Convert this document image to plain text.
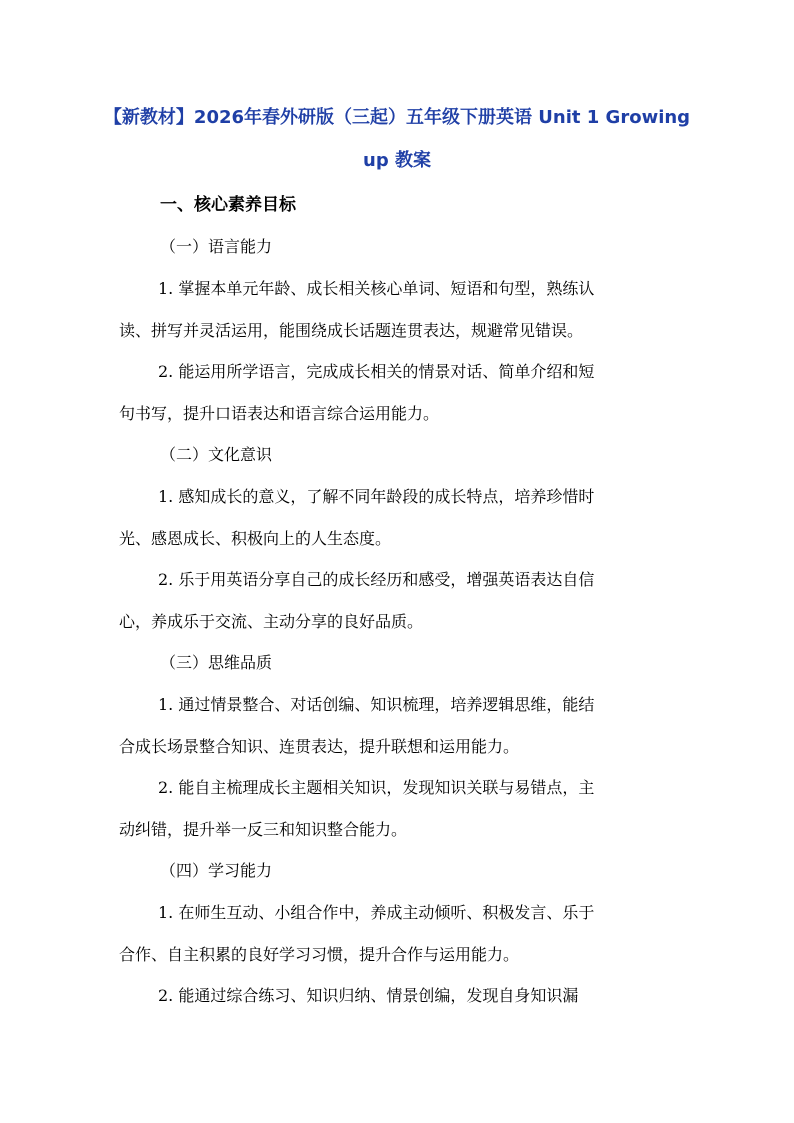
【新教材】2026年春外研版（三起）五年级下册英语 Unit 1 Growing
up 教案
一、核心素养目标
（一）语言能力
1. 掌握本单元年龄、成长相关核心单词、短语和句型，熟练认
读、拼写并灵活运用，能围绕成长话题连贯表达，规避常见错误。
2. 能运用所学语言，完成成长相关的情景对话、简单介绍和短
句书写，提升口语表达和语言综合运用能力。
（二）文化意识
1. 感知成长的意义，了解不同年龄段的成长特点，培养珍惜时
光、感恩成长、积极向上的人生态度。
2. 乐于用英语分享自己的成长经历和感受，增强英语表达自信
心，养成乐于交流、主动分享的良好品质。
（三）思维品质
1. 通过情景整合、对话创编、知识梳理，培养逻辑思维，能结
合成长场景整合知识、连贯表达，提升联想和运用能力。
2. 能自主梳理成长主题相关知识，发现知识关联与易错点，主
动纠错，提升举一反三和知识整合能力。
（四）学习能力
1. 在师生互动、小组合作中，养成主动倾听、积极发言、乐于
合作、自主积累的良好学习习惯，提升合作与运用能力。
2. 能通过综合练习、知识归纳、情景创编，发现自身知识漏
